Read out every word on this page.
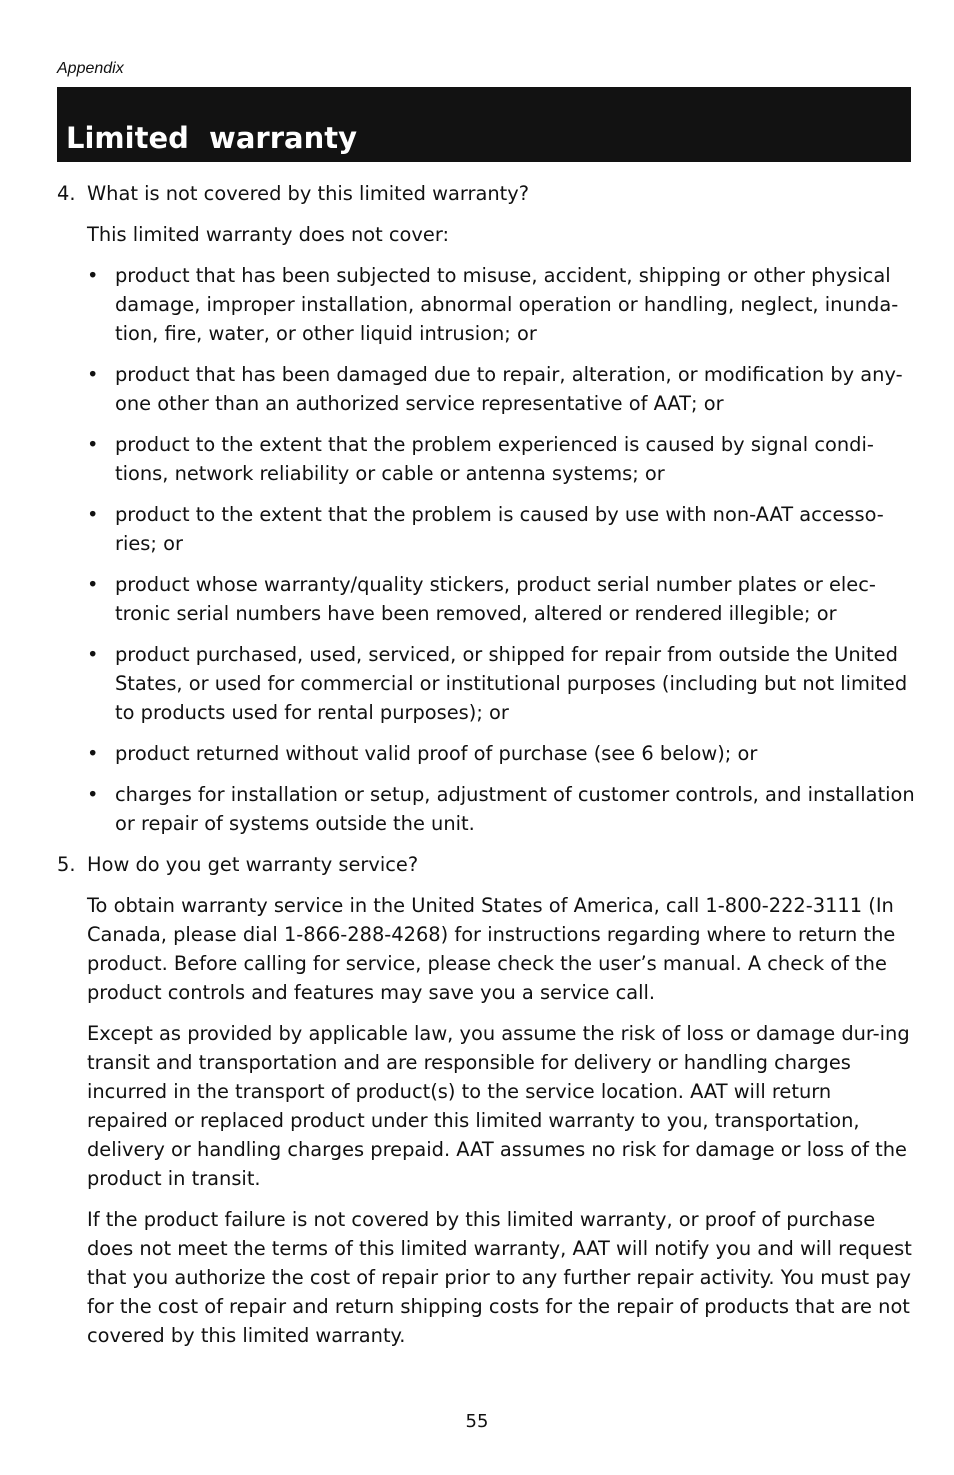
Appendix
Limited  warranty

4. What is not covered by this limited warranty?

This limited warranty does not cover:

• product that has been subjected to misuse, accident, shipping or other physical damage, improper installation, abnormal operation or handling, neglect, inunda-tion, fire, water, or other liquid intrusion; or
• product that has been damaged due to repair, alteration, or modification by any-one other than an authorized service representative of AAT; or
• product to the extent that the problem experienced is caused by signal condi-tions, network reliability or cable or antenna systems; or
• product to the extent that the problem is caused by use with non-AAT accesso-ries; or
• product whose warranty/quality stickers, product serial number plates or elec-tronic serial numbers have been removed, altered or rendered illegible; or
• product purchased, used, serviced, or shipped for repair from outside the United States, or used for commercial or institutional purposes (including but not limited to products used for rental purposes); or
• product returned without valid proof of purchase (see 6 below); or
• charges for installation or setup, adjustment of customer controls, and installation or repair of systems outside the unit.

5. How do you get warranty service?

To obtain warranty service in the United States of America, call 1-800-222-3111 (In Canada, please dial 1-866-288-4268) for instructions regarding where to return the product. Before calling for service, please check the user’s manual. A check of the product controls and features may save you a service call.

Except as provided by applicable law, you assume the risk of loss or damage dur-ing transit and transportation and are responsible for delivery or handling charges incurred in the transport of product(s) to the service location. AAT will return repaired or replaced product under this limited warranty to you, transportation, delivery or handling charges prepaid. AAT assumes no risk for damage or loss of the product in transit.

If the product failure is not covered by this limited warranty, or proof of purchase does not meet the terms of this limited warranty, AAT will notify you and will request that you authorize the cost of repair prior to any further repair activity. You must pay for the cost of repair and return shipping costs for the repair of products that are not covered by this limited warranty.

55
